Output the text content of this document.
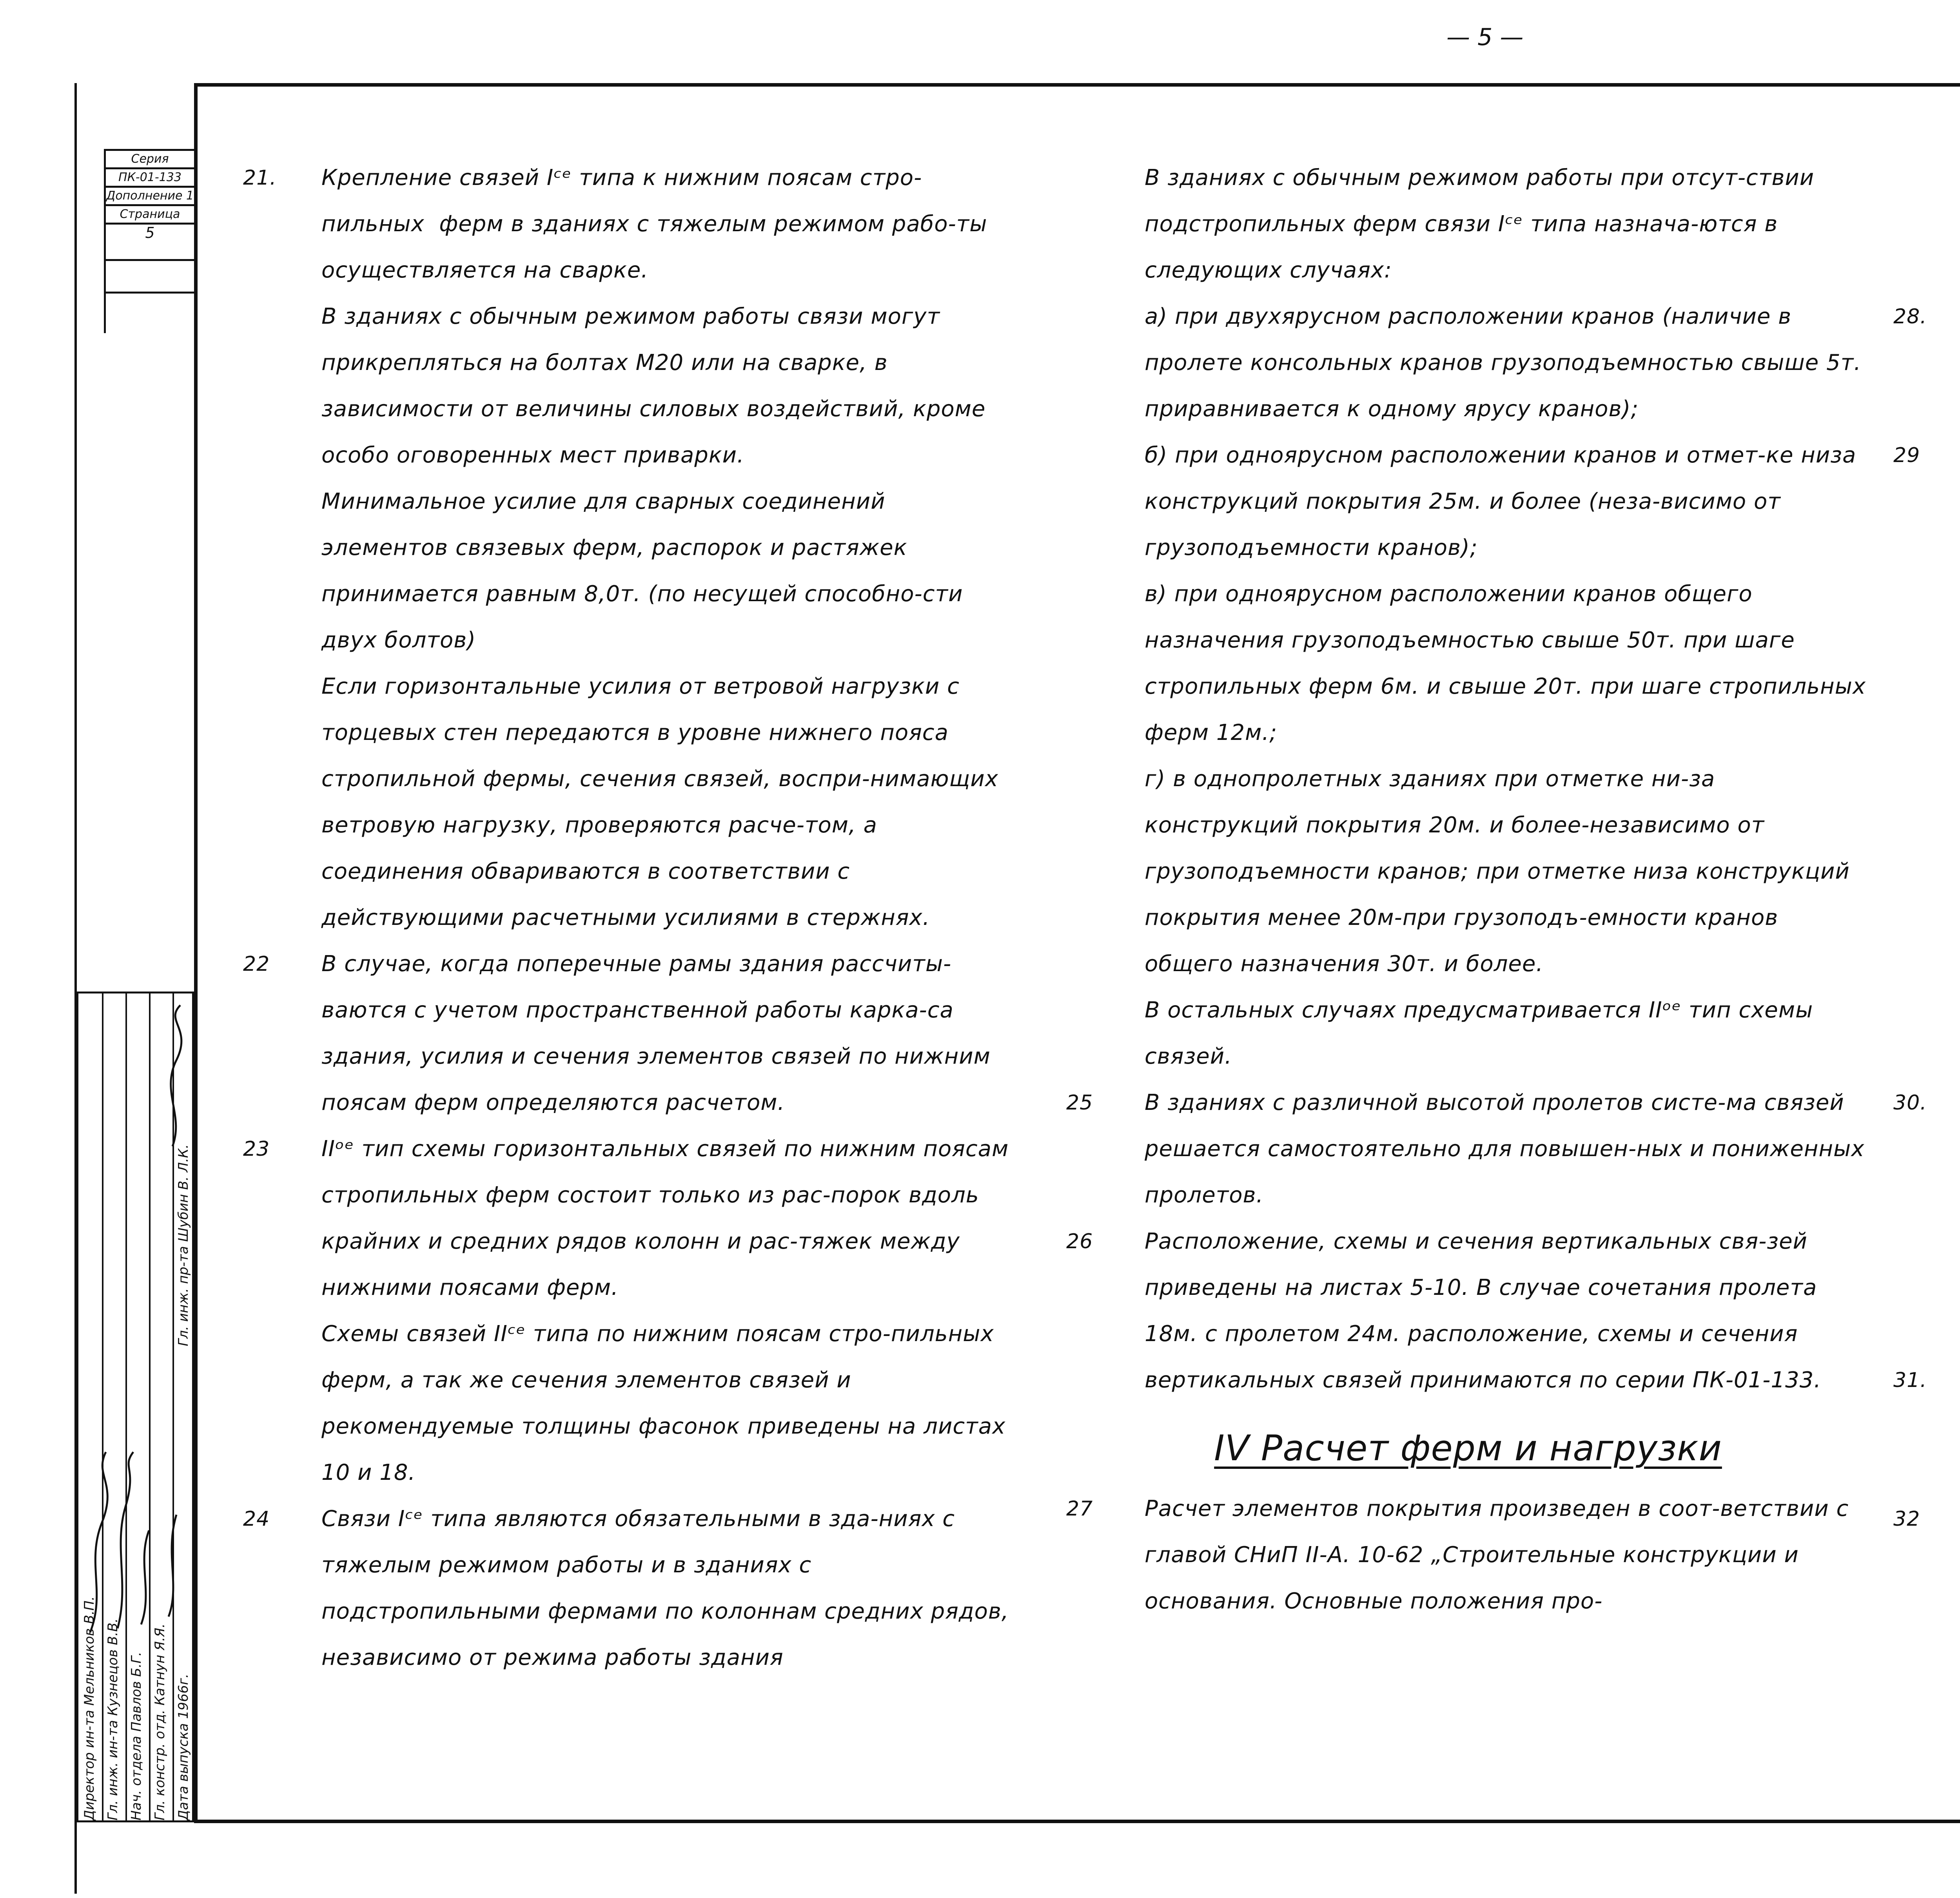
— 5 —
Серия
ПК-01-133
Дополнение 1
Страница
5
Директор ин-та Мельников В.П.
Гл. инж. ин-та Кузнецов В.В.
Нач. отдела Павлов Б.Г.
Гл. констр. отд. Катнун Я.Я.
Дата выпуска 1966г.
Гл. инж. пр-та Шубин В. Л.К.
21. Крепление связей Iᶜᵉ типа к нижним поясам стро-пильных  ферм в зданиях с тяжелым режимом рабо-ты осуществляется на сварке.
В зданиях с обычным режимом работы связи могут прикрепляться на болтах М20 или на сварке, в зависимости от величины силовых воздействий, кроме особо оговоренных мест приварки.
Минимальное усилие для сварных соединений элементов связевых ферм, распорок и растяжек принимается равным 8,0т. (по несущей способно-сти двух болтов)
Если горизонтальные усилия от ветровой нагрузки с торцевых стен передаются в уровне нижнего пояса стропильной фермы, сечения связей, воспри-нимающих ветровую нагрузку, проверяются расче-том, а соединения обвариваются в соответствии с действующими расчетными усилиями в стержнях.
22 В случае, когда поперечные рамы здания рассчиты-ваются с учетом пространственной работы карка-са здания, усилия и сечения элементов связей по нижним поясам ферм определяются расчетом.
23 IIᵒᵉ тип схемы горизонтальных связей по нижним поясам стропильных ферм состоит только из рас-порок вдоль крайних и средних рядов колонн и рас-тяжек между нижними поясами ферм.
Схемы связей IIᶜᵉ типа по нижним поясам стро-пильных ферм, а так же сечения элементов связей и рекомендуемые толщины фасонок приведены на листах 10 и 18.
24 Связи Iᶜᵉ типа являются обязательными в зда-ниях с тяжелым режимом работы и в зданиях с подстропильными фермами по колоннам средних рядов, независимо от режима работы здания
В зданиях с обычным режимом работы при отсут-ствии подстропильных ферм связи Iᶜᵉ типа назнача-ются в следующих случаях:
а) при двухярусном расположении кранов (наличие в пролете консольных кранов грузоподъемностью свыше 5т. приравнивается к одному ярусу кранов);
б) при одноярусном расположении кранов и отмет-ке низа конструкций покрытия 25м. и более (неза-висимо от грузоподъемности кранов);
в) при одноярусном расположении кранов общего назначения грузоподъемностью свыше 50т. при шаге стропильных ферм 6м. и свыше 20т. при шаге стропильных ферм 12м.;
г) в однопролетных зданиях при отметке ни-за конструкций покрытия 20м. и более-независимо от грузоподъемности кранов; при отметке низа конструкций покрытия менее 20м-при грузоподъ-емности кранов общего назначения 30т. и более.
В остальных случаях предусматривается IIᵒᵉ тип схемы связей.
25 В зданиях с различной высотой пролетов систе-ма связей решается самостоятельно для повышен-ных и пониженных пролетов.
26 Расположение, схемы и сечения вертикальных свя-зей приведены на листах 5-10. В случае сочетания пролета 18м. с пролетом 24м. расположение, схемы и сечения вертикальных связей принимаются по серии ПК-01-133.
IV Расчет ферм и нагрузки
27 Расчет элементов покрытия произведен в соот-ветствии с главой СНиП II-А. 10-62 „Строительные конструкции и основания. Основные положения про-
28.
29
30.
31.
32
